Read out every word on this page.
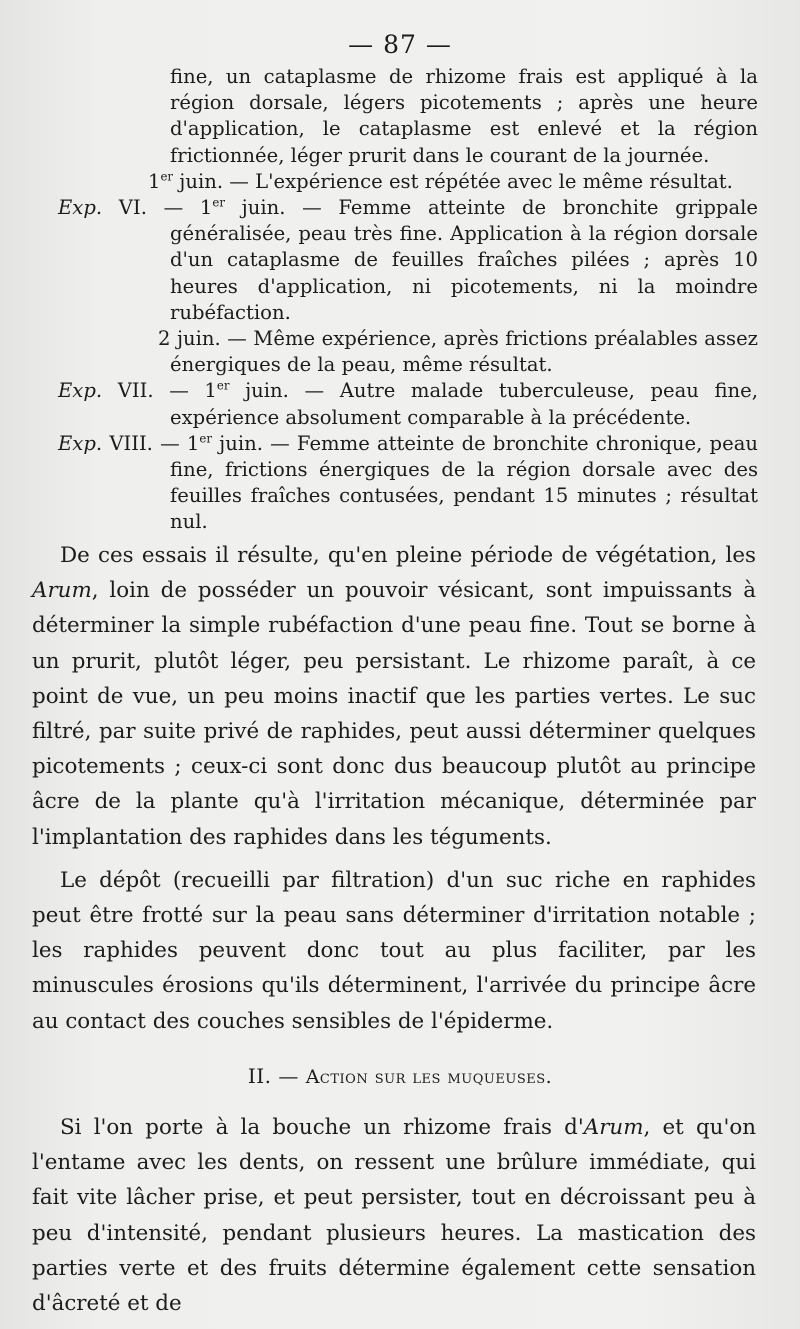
— 87 —

fine, un cataplasme de rhizome frais est appliqué à la région dorsale, légers picotements ; après une heure d'application, le cataplasme est enlevé et la région frictionnée, léger prurit dans le courant de la journée.

1er juin. — L'expérience est répétée avec le même résultat.

Exp. VI. — 1er juin. — Femme atteinte de bronchite grippale généralisée, peau très fine. Application à la région dorsale d'un cataplasme de feuilles fraîches pilées ; après 10 heures d'application, ni picotements, ni la moindre rubéfaction.

2 juin. — Même expérience, après frictions préalables assez énergiques de la peau, même résultat.

Exp. VII. — 1er juin. — Autre malade tuberculeuse, peau fine, expérience absolument comparable à la précédente.

Exp. VIII. — 1er juin. — Femme atteinte de bronchite chronique, peau fine, frictions énergiques de la région dorsale avec des feuilles fraîches contusées, pendant 15 minutes ; résultat nul.

De ces essais il résulte, qu'en pleine période de végétation, les Arum, loin de posséder un pouvoir vésicant, sont impuissants à déterminer la simple rubéfaction d'une peau fine. Tout se borne à un prurit, plutôt léger, peu persistant. Le rhizome paraît, à ce point de vue, un peu moins inactif que les parties vertes. Le suc filtré, par suite privé de raphides, peut aussi déterminer quelques picotements ; ceux-ci sont donc dus beaucoup plutôt au principe âcre de la plante qu'à l'irritation mécanique, déterminée par l'implantation des raphides dans les téguments.

Le dépôt (recueilli par filtration) d'un suc riche en raphides peut être frotté sur la peau sans déterminer d'irritation notable ; les raphides peuvent donc tout au plus faciliter, par les minuscules érosions qu'ils déterminent, l'arrivée du principe âcre au contact des couches sensibles de l'épiderme.

II. — Action sur les muqueuses.

Si l'on porte à la bouche un rhizome frais d'Arum, et qu'on l'entame avec les dents, on ressent une brûlure immédiate, qui fait vite lâcher prise, et peut persister, tout en décroissant peu à peu d'intensité, pendant plusieurs heures. La mastication des parties verte et des fruits détermine également cette sensation d'âcreté et de
